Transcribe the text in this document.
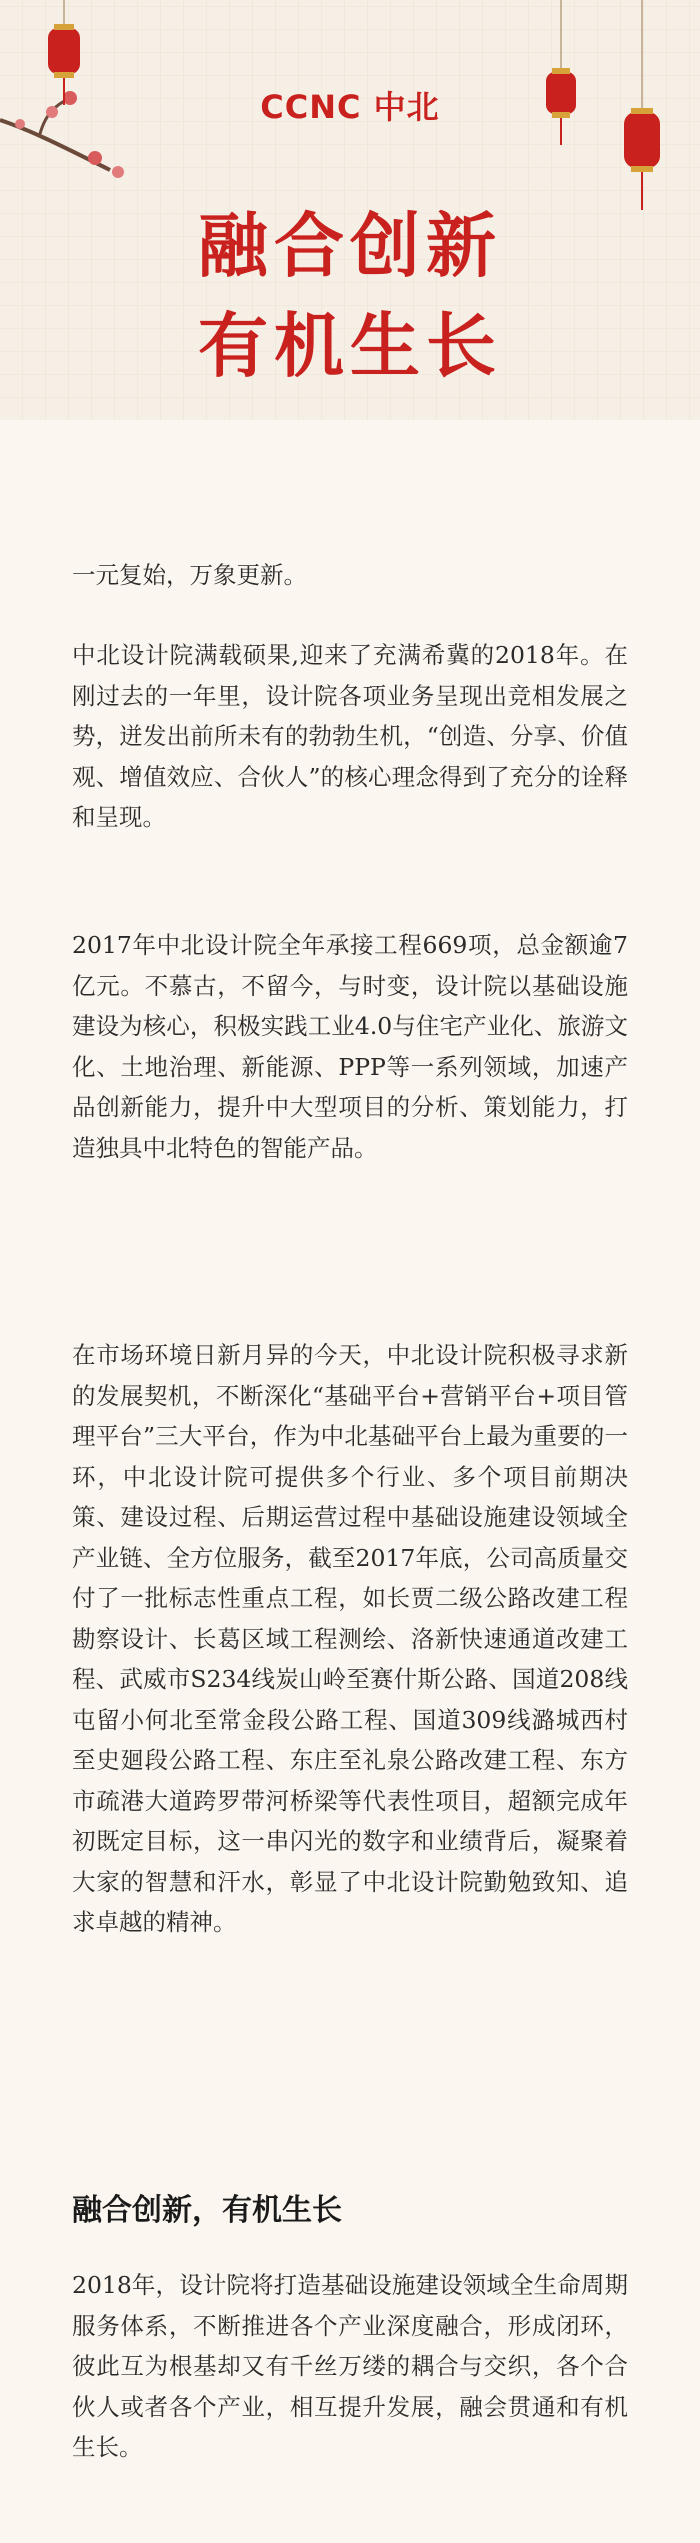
CCNC 中北
融合创新
有机生长

一元复始，万象更新。

中北设计院满载硕果,迎来了充满希冀的2018年。在刚过去的一年里，设计院各项业务呈现出竞相发展之势，迸发出前所未有的勃勃生机，“创造、分享、价值观、增值效应、合伙人”的核心理念得到了充分的诠释和呈现。

2017年中北设计院全年承接工程669项，总金额逾7亿元。不慕古，不留今，与时变，设计院以基础设施建设为核心，积极实践工业4.0与住宅产业化、旅游文化、土地治理、新能源、PPP等一系列领域，加速产品创新能力，提升中大型项目的分析、策划能力，打造独具中北特色的智能产品。

在市场环境日新月异的今天，中北设计院积极寻求新的发展契机，不断深化“基础平台+营销平台+项目管理平台”三大平台，作为中北基础平台上最为重要的一环，中北设计院可提供多个行业、多个项目前期决策、建设过程、后期运营过程中基础设施建设领域全产业链、全方位服务，截至2017年底，公司高质量交付了一批标志性重点工程，如长贾二级公路改建工程勘察设计、长葛区域工程测绘、洛新快速通道改建工程、武威市S234线炭山岭至赛什斯公路、国道208线屯留小何北至常金段公路工程、国道309线潞城西村至史廻段公路工程、东庄至礼泉公路改建工程、东方市疏港大道跨罗带河桥梁等代表性项目，超额完成年初既定目标，这一串闪光的数字和业绩背后，凝聚着大家的智慧和汗水，彰显了中北设计院勤勉致知、追求卓越的精神。

融合创新，有机生长

2018年，设计院将打造基础设施建设领域全生命周期服务体系，不断推进各个产业深度融合，形成闭环，彼此互为根基却又有千丝万缕的耦合与交织，各个合伙人或者各个产业，相互提升发展，融会贯通和有机生长。
